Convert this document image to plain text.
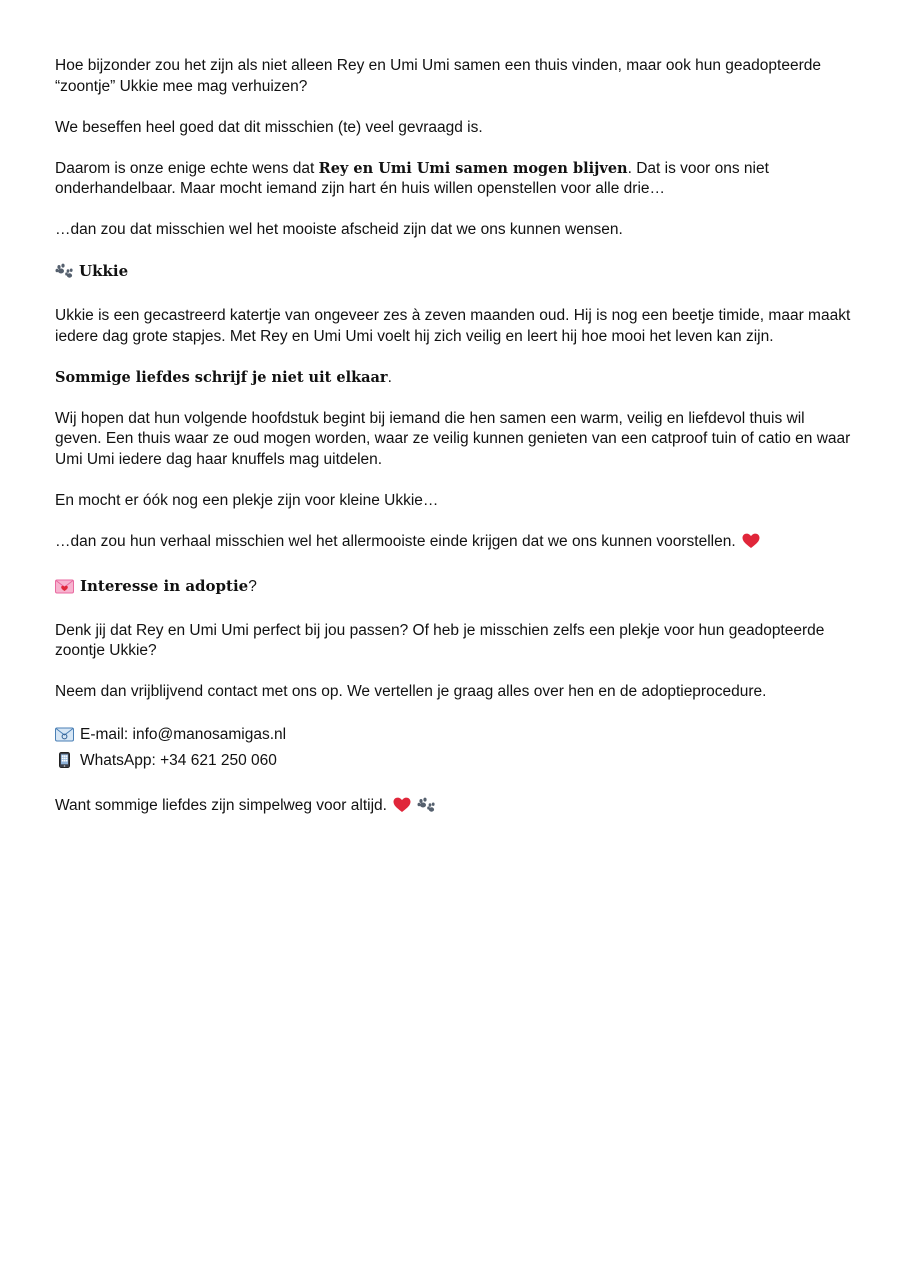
Hoe bijzonder zou het zijn als niet alleen Rey en Umi Umi samen een thuis vinden, maar ook hun geadopteerde “zoontje” Ukkie mee mag verhuizen?

We beseffen heel goed dat dit misschien (te) veel gevraagd is.

Daarom is onze enige echte wens dat Rey en Umi Umi samen mogen blijven. Dat is voor ons niet onderhandelbaar. Maar mocht iemand zijn hart én huis willen openstellen voor alle drie…

…dan zou dat misschien wel het mooiste afscheid zijn dat we ons kunnen wensen.

Ukkie

Ukkie is een gecastreerd katertje van ongeveer zes à zeven maanden oud. Hij is nog een beetje timide, maar maakt iedere dag grote stapjes. Met Rey en Umi Umi voelt hij zich veilig en leert hij hoe mooi het leven kan zijn.

Sommige liefdes schrijf je niet uit elkaar.

Wij hopen dat hun volgende hoofdstuk begint bij iemand die hen samen een warm, veilig en liefdevol thuis wil geven. Een thuis waar ze oud mogen worden, waar ze veilig kunnen genieten van een catproof tuin of catio en waar Umi Umi iedere dag haar knuffels mag uitdelen.

En mocht er óók nog een plekje zijn voor kleine Ukkie…

…dan zou hun verhaal misschien wel het allermooiste einde krijgen dat we ons kunnen voorstellen.

Interesse in adoptie?

Denk jij dat Rey en Umi Umi perfect bij jou passen? Of heb je misschien zelfs een plekje voor hun geadopteerde zoontje Ukkie?

Neem dan vrijblijvend contact met ons op. We vertellen je graag alles over hen en de adoptieprocedure.

E-mail: info@manosamigas.nl

WhatsApp: +34 621 250 060

Want sommige liefdes zijn simpelweg voor altijd.
